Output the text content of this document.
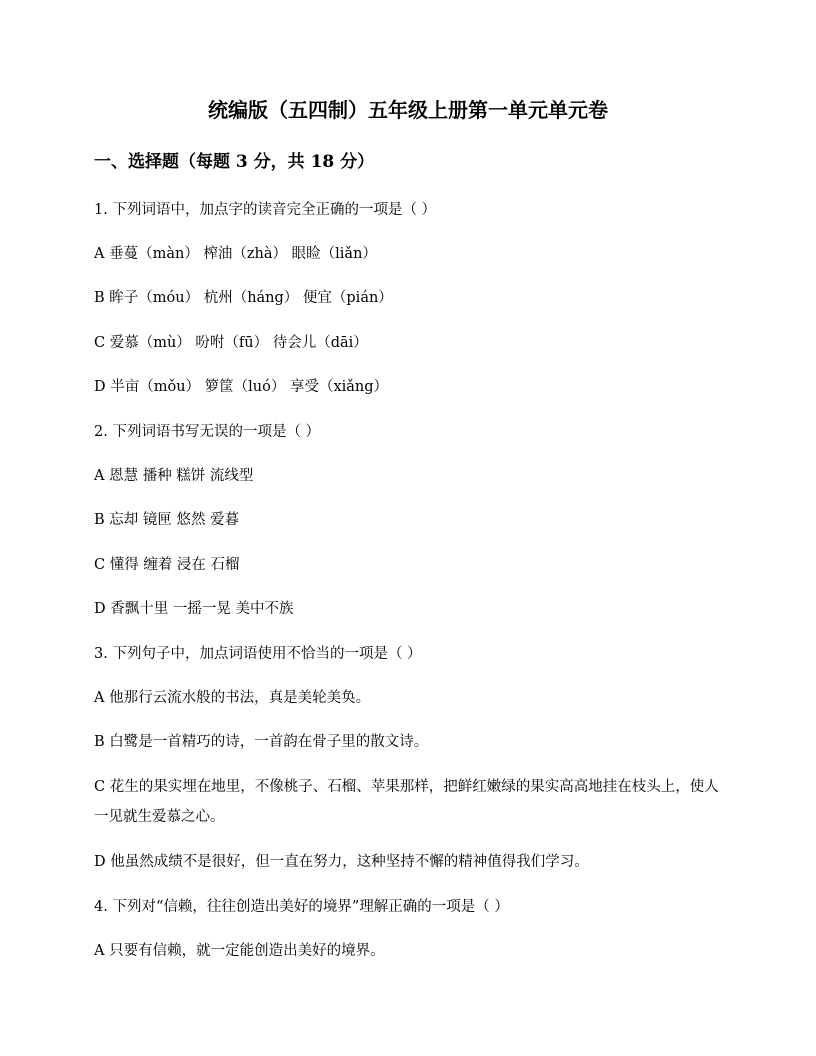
统编版（五四制）五年级上册第一单元单元卷
一、选择题（每题 3 分，共 18 分）
1. 下列词语中，加点字的读音完全正确的一项是（ ）
A 垂蔓（màn） 榨油（zhà） 眼睑（liǎn）
B 眸子（móu） 杭州（háng） 便宜（pián）
C 爱慕（mù） 吩咐（fū） 待会儿（dāi）
D 半亩（mǒu） 箩筐（luó） 享受（xiǎng）
2. 下列词语书写无误的一项是（ ）
A 恩慧 播种 糕饼 流线型
B 忘却 镜匣 悠然 爱暮
C 懂得 缠着 浸在 石榴
D 香飘十里 一摇一晃 美中不族
3. 下列句子中，加点词语使用不恰当的一项是（ ）
A 他那行云流水般的书法，真是美轮美奂。
B 白鹭是一首精巧的诗，一首韵在骨子里的散文诗。
C 花生的果实埋在地里，不像桃子、石榴、苹果那样，把鲜红嫩绿的果实高高地挂在枝头上，使人一见就生爱慕之心。
D 他虽然成绩不是很好，但一直在努力，这种坚持不懈的精神值得我们学习。
4. 下列对“信赖，往往创造出美好的境界”理解正确的一项是（ ）
A 只要有信赖，就一定能创造出美好的境界。
